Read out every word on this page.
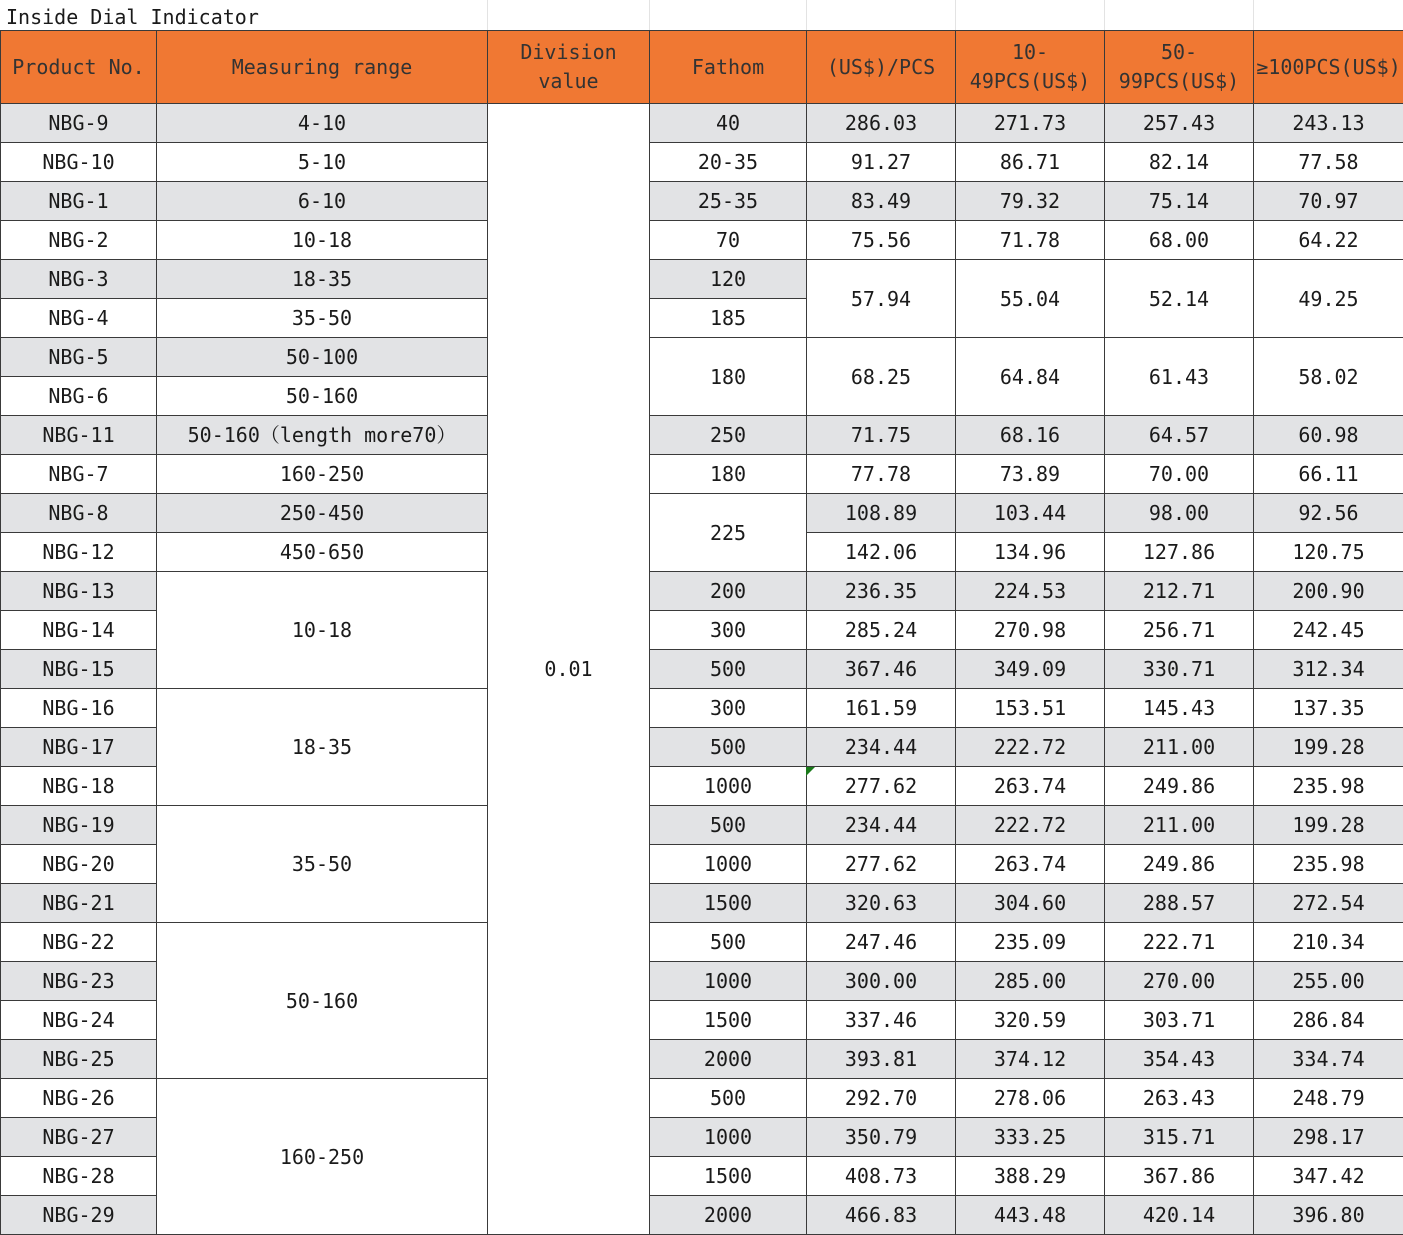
Inside Dial Indicator
Product No.	Measuring range	Division value	Fathom	(US$)/PCS	10-49PCS(US$)	50-99PCS(US$)	≥100PCS(US$)
NBG-9	4-10	0.01	40	286.03	271.73	257.43	243.13
NBG-10	5-10		20-35	91.27	86.71	82.14	77.58
NBG-1	6-10		25-35	83.49	79.32	75.14	70.97
NBG-2	10-18		70	75.56	71.78	68.00	64.22
NBG-3	18-35		120	57.94	55.04	52.14	49.25
NBG-4	35-50		185				
NBG-5	50-100		180	68.25	64.84	61.43	58.02
NBG-6	50-160						
NBG-11	50-160（length more70）		250	71.75	68.16	64.57	60.98
NBG-7	160-250		180	77.78	73.89	70.00	66.11
NBG-8	250-450		225	108.89	103.44	98.00	92.56
NBG-12	450-650			142.06	134.96	127.86	120.75
NBG-13	10-18		200	236.35	224.53	212.71	200.90
NBG-14			300	285.24	270.98	256.71	242.45
NBG-15			500	367.46	349.09	330.71	312.34
NBG-16	18-35		300	161.59	153.51	145.43	137.35
NBG-17			500	234.44	222.72	211.00	199.28
NBG-18			1000	277.62	263.74	249.86	235.98
NBG-19	35-50		500	234.44	222.72	211.00	199.28
NBG-20			1000	277.62	263.74	249.86	235.98
NBG-21			1500	320.63	304.60	288.57	272.54
NBG-22	50-160		500	247.46	235.09	222.71	210.34
NBG-23			1000	300.00	285.00	270.00	255.00
NBG-24			1500	337.46	320.59	303.71	286.84
NBG-25			2000	393.81	374.12	354.43	334.74
NBG-26	160-250		500	292.70	278.06	263.43	248.79
NBG-27			1000	350.79	333.25	315.71	298.17
NBG-28			1500	408.73	388.29	367.86	347.42
NBG-29			2000	466.83	443.48	420.14	396.80
